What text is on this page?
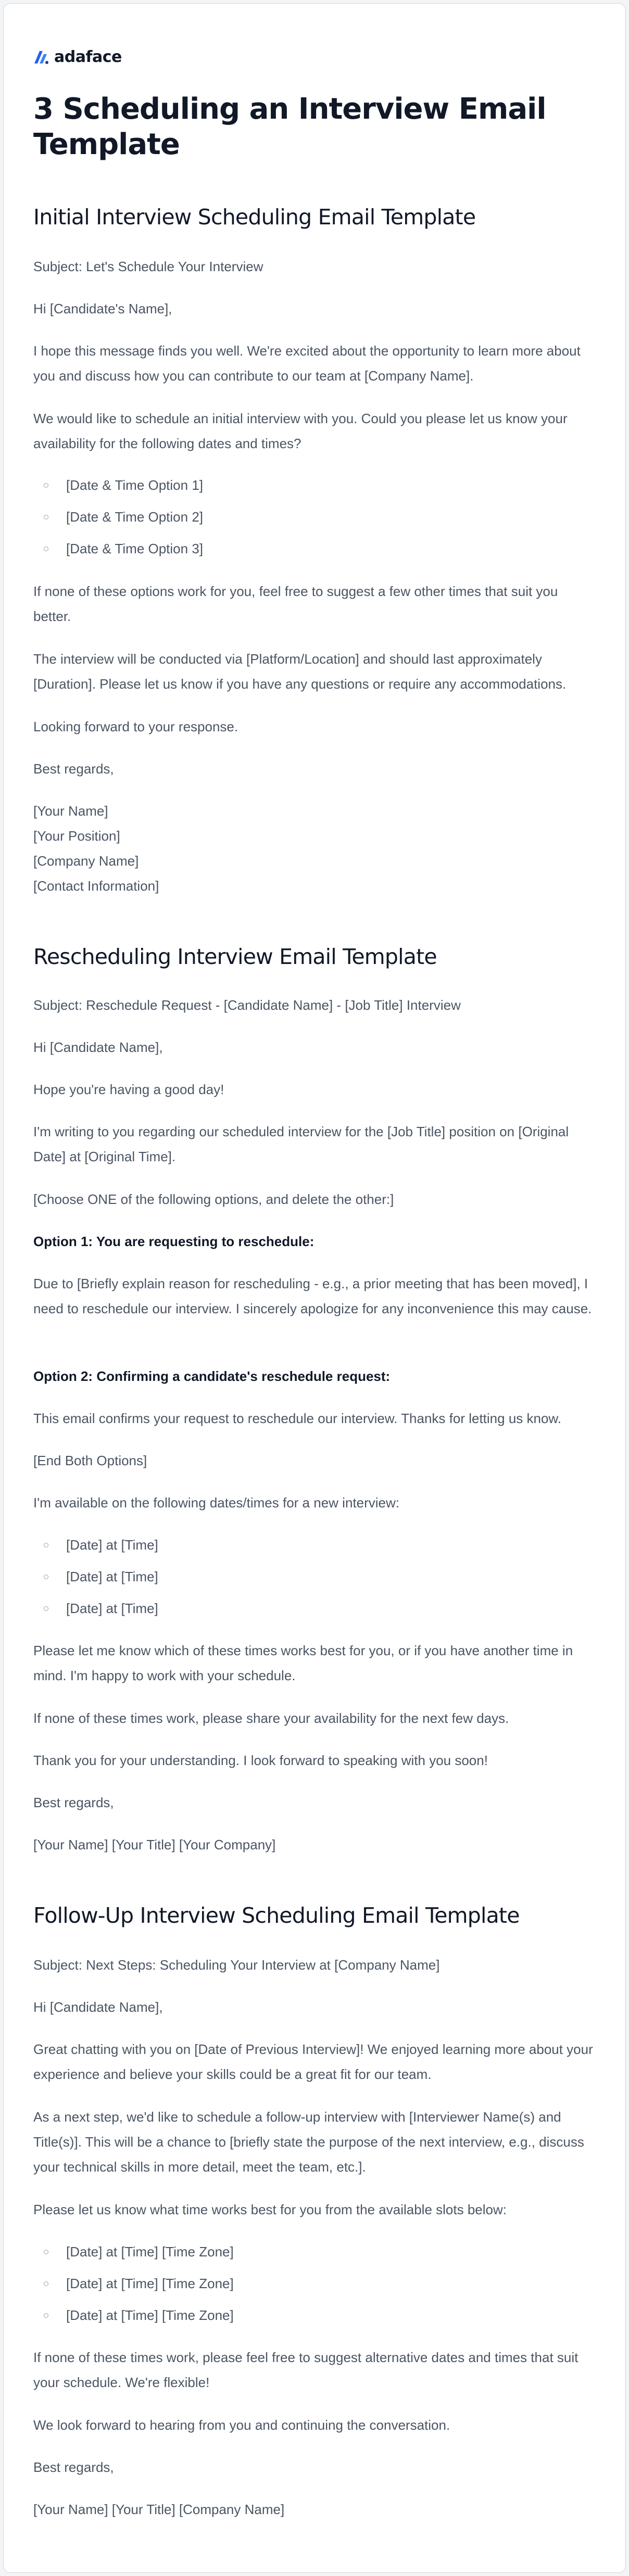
adaface
3 Scheduling an Interview Email Template
Initial Interview Scheduling Email Template

Subject: Let's Schedule Your Interview

Hi [Candidate's Name],

I hope this message finds you well. We're excited about the opportunity to learn more about you and discuss how you can contribute to our team at [Company Name].

We would like to schedule an initial interview with you. Could you please let us know your availability for the following dates and times?

[Date & Time Option 1]
[Date & Time Option 2]
[Date & Time Option 3]

If none of these options work for you, feel free to suggest a few other times that suit you better.

The interview will be conducted via [Platform/Location] and should last approximately [Duration]. Please let us know if you have any questions or require any accommodations.

Looking forward to your response.

Best regards,

[Your Name]

[Your Position]

[Company Name]

[Contact Information]

Rescheduling Interview Email Template

Subject: Reschedule Request - [Candidate Name] - [Job Title] Interview

Hi [Candidate Name],

Hope you're having a good day!

I'm writing to you regarding our scheduled interview for the [Job Title] position on [Original Date] at [Original Time].

[Choose ONE of the following options, and delete the other:]

Option 1: You are requesting to reschedule:

Due to [Briefly explain reason for rescheduling - e.g., a prior meeting that has been moved], I need to reschedule our interview. I sincerely apologize for any inconvenience this may cause.

Option 2: Confirming a candidate's reschedule request:

This email confirms your request to reschedule our interview. Thanks for letting us know.

[End Both Options]

I'm available on the following dates/times for a new interview:

[Date] at [Time]
[Date] at [Time]
[Date] at [Time]

Please let me know which of these times works best for you, or if you have another time in mind. I'm happy to work with your schedule.

If none of these times work, please share your availability for the next few days.

Thank you for your understanding. I look forward to speaking with you soon!

Best regards,

[Your Name] [Your Title] [Your Company]

Follow-Up Interview Scheduling Email Template

Subject: Next Steps: Scheduling Your Interview at [Company Name]

Hi [Candidate Name],

Great chatting with you on [Date of Previous Interview]! We enjoyed learning more about your experience and believe your skills could be a great fit for our team.

As a next step, we'd like to schedule a follow-up interview with [Interviewer Name(s) and Title(s)]. This will be a chance to [briefly state the purpose of the next interview, e.g., discuss your technical skills in more detail, meet the team, etc.].

Please let us know what time works best for you from the available slots below:

[Date] at [Time] [Time Zone]
[Date] at [Time] [Time Zone]
[Date] at [Time] [Time Zone]

If none of these times work, please feel free to suggest alternative dates and times that suit your schedule. We're flexible!

We look forward to hearing from you and continuing the conversation.

Best regards,

[Your Name] [Your Title] [Company Name]
